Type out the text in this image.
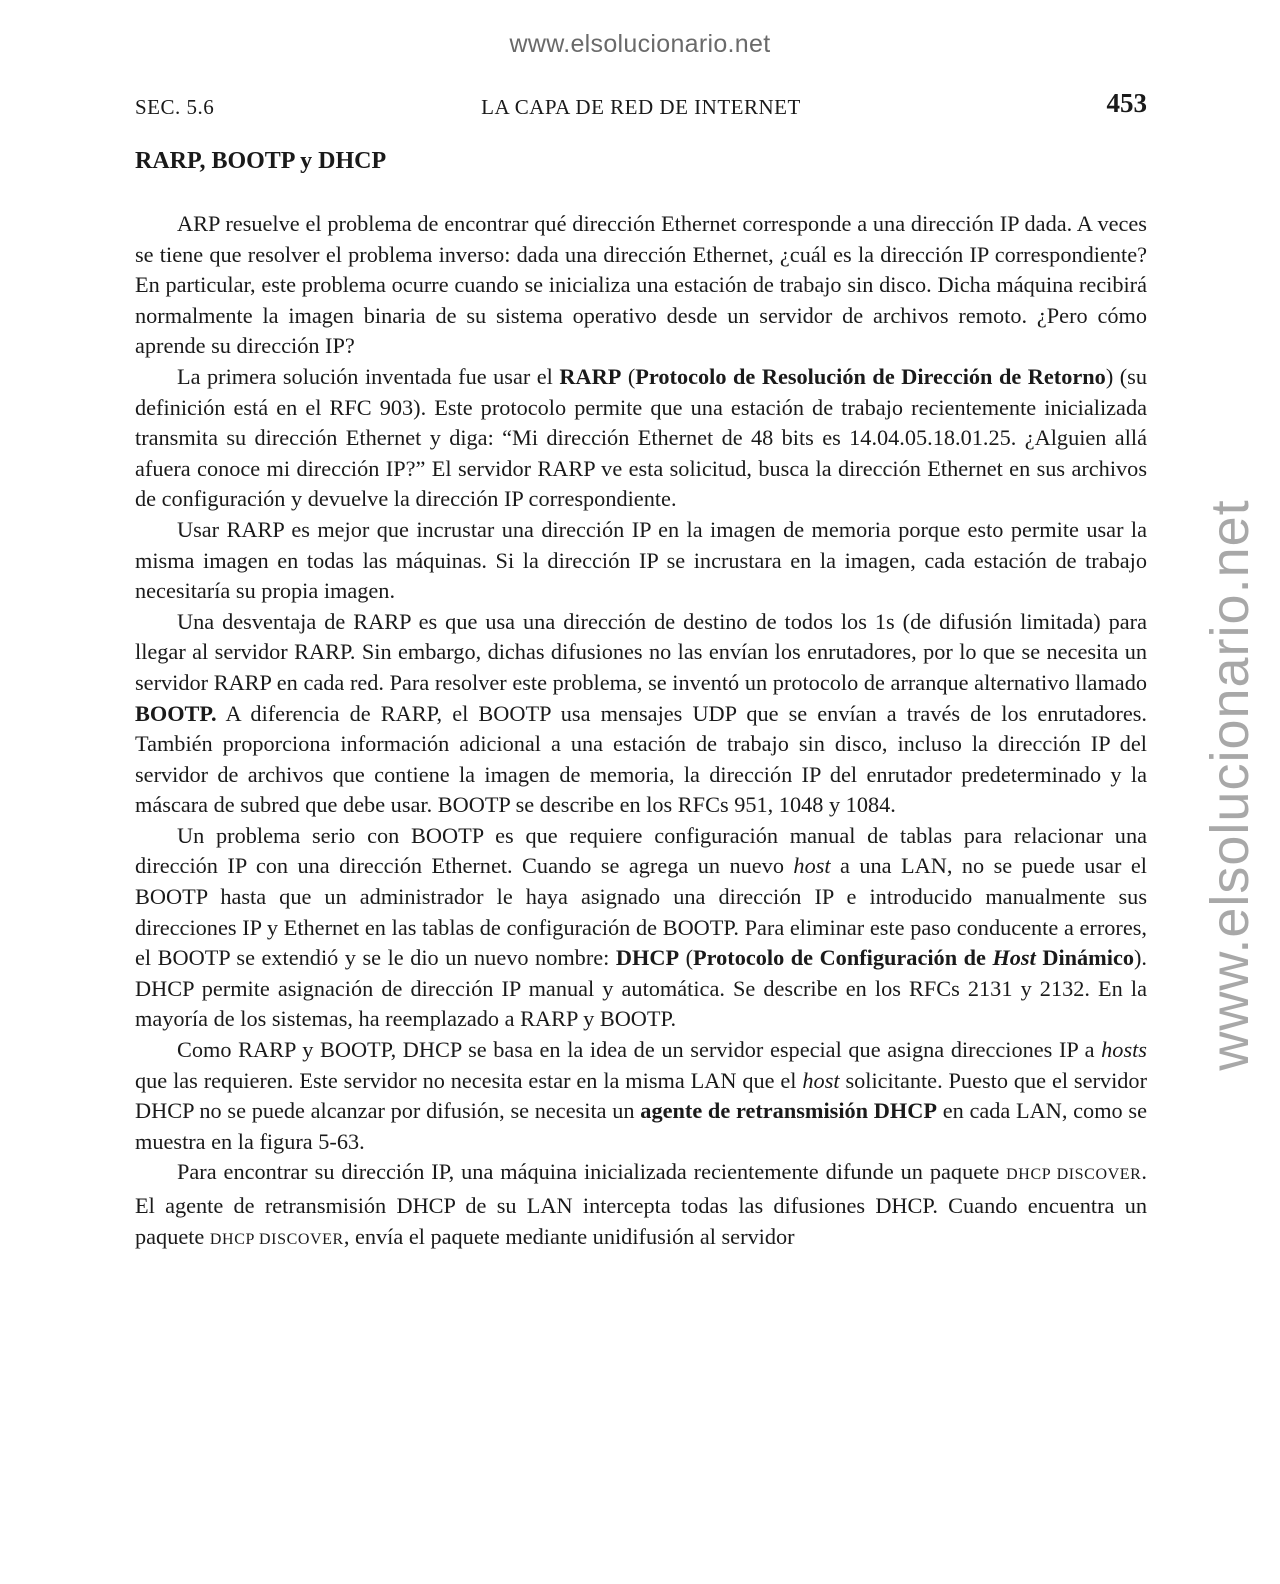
www.elsolucionario.net
www.elsolucionario.net
SEC. 5.6	LA CAPA DE RED DE INTERNET	453
RARP, BOOTP y DHCP

ARP resuelve el problema de encontrar qué dirección Ethernet corresponde a una dirección IP dada. A veces se tiene que resolver el problema inverso: dada una dirección Ethernet, ¿cuál es la dirección IP correspondiente? En particular, este problema ocurre cuando se inicializa una estación de trabajo sin disco. Dicha máquina recibirá normalmente la imagen binaria de su sistema operativo desde un servidor de archivos remoto. ¿Pero cómo aprende su dirección IP?

La primera solución inventada fue usar el RARP (Protocolo de Resolución de Dirección de Retorno) (su definición está en el RFC 903). Este protocolo permite que una estación de trabajo recientemente inicializada transmita su dirección Ethernet y diga: “Mi dirección Ethernet de 48 bits es 14.04.05.18.01.25. ¿Alguien allá afuera conoce mi dirección IP?” El servidor RARP ve esta solicitud, busca la dirección Ethernet en sus archivos de configuración y devuelve la dirección IP correspondiente.

Usar RARP es mejor que incrustar una dirección IP en la imagen de memoria porque esto permite usar la misma imagen en todas las máquinas. Si la dirección IP se incrustara en la imagen, cada estación de trabajo necesitaría su propia imagen.

Una desventaja de RARP es que usa una dirección de destino de todos los 1s (de difusión limitada) para llegar al servidor RARP. Sin embargo, dichas difusiones no las envían los enrutadores, por lo que se necesita un servidor RARP en cada red. Para resolver este problema, se inventó un protocolo de arranque alternativo llamado BOOTP. A diferencia de RARP, el BOOTP usa mensajes UDP que se envían a través de los enrutadores. También proporciona información adicional a una estación de trabajo sin disco, incluso la dirección IP del servidor de archivos que contiene la imagen de memoria, la dirección IP del enrutador predeterminado y la máscara de subred que debe usar. BOOTP se describe en los RFCs 951, 1048 y 1084.

Un problema serio con BOOTP es que requiere configuración manual de tablas para relacionar una dirección IP con una dirección Ethernet. Cuando se agrega un nuevo host a una LAN, no se puede usar el BOOTP hasta que un administrador le haya asignado una dirección IP e introducido manualmente sus direcciones IP y Ethernet en las tablas de configuración de BOOTP. Para eliminar este paso conducente a errores, el BOOTP se extendió y se le dio un nuevo nombre: DHCP (Protocolo de Configuración de Host Dinámico). DHCP permite asignación de dirección IP manual y automática. Se describe en los RFCs 2131 y 2132. En la mayoría de los sistemas, ha reemplazado a RARP y BOOTP.

Como RARP y BOOTP, DHCP se basa en la idea de un servidor especial que asigna direcciones IP a hosts que las requieren. Este servidor no necesita estar en la misma LAN que el host solicitante. Puesto que el servidor DHCP no se puede alcanzar por difusión, se necesita un agente de retransmisión DHCP en cada LAN, como se muestra en la figura 5-63.

Para encontrar su dirección IP, una máquina inicializada recientemente difunde un paquete DHCP DISCOVER. El agente de retransmisión DHCP de su LAN intercepta todas las difusiones DHCP. Cuando encuentra un paquete DHCP DISCOVER, envía el paquete mediante unidifusión al servidor
